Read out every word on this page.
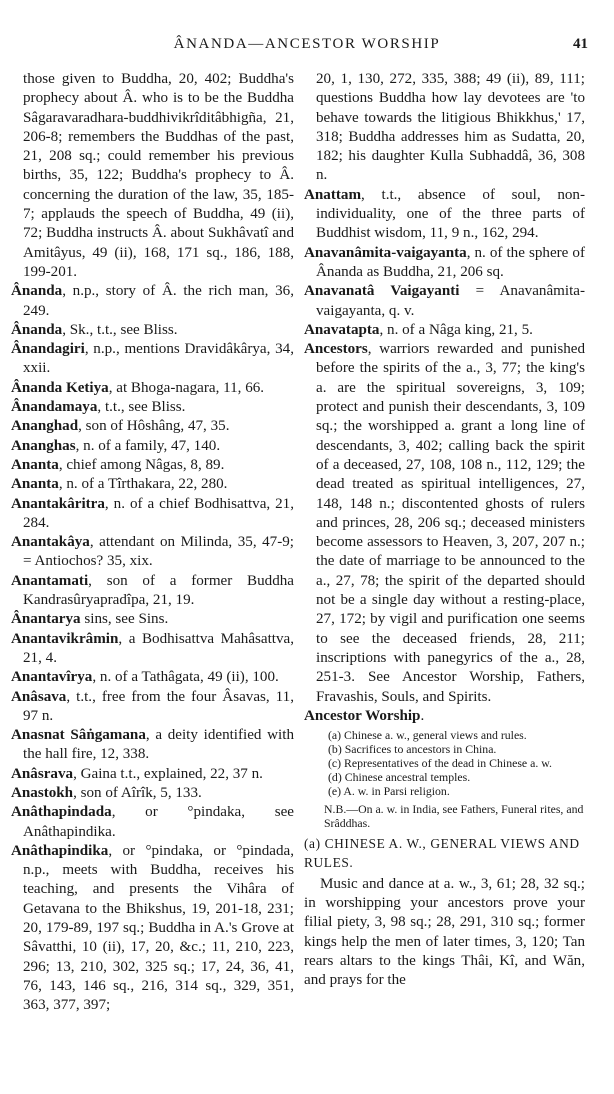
ÂNANDA—ANCESTOR WORSHIP	41

those given to Buddha, 20, 402; Buddha's prophecy about Â. who is to be the Buddha Sâgaravaradhara-buddhivikrîditâbhigña, 21, 206-8; remembers the Buddhas of the past, 21, 208 sq.; could remember his previous births, 35, 122; Buddha's prophecy to Â. concerning the duration of the law, 35, 185-7; applauds the speech of Buddha, 49 (ii), 72; Buddha instructs Â. about Sukhâvatî and Amitâyus, 49 (ii), 168, 171 sq., 186, 188, 199-201.

Ânanda, n.p., story of Â. the rich man, 36, 249.

Ânanda, Sk., t.t., see Bliss.

Ânandagiri, n.p., mentions Dravidâkârya, 34, xxii.

Ânanda Ketiya, at Bhoga-nagara, 11, 66.

Ânandamaya, t.t., see Bliss.

Ananghad, son of Hôshâng, 47, 35.

Ananghas, n. of a family, 47, 140.

Ananta, chief among Nâgas, 8, 89.

Ananta, n. of a Tîrthakara, 22, 280.

Anantakâritra, n. of a chief Bodhisattva, 21, 284.

Anantakâya, attendant on Milinda, 35, 47-9; = Antiochos? 35, xix.

Anantamati, son of a former Buddha Kandrasûryapradîpa, 21, 19.

Ânantarya sins, see Sins.

Anantavikrâmin, a Bodhisattva Mahâsattva, 21, 4.

Anantavîrya, n. of a Tathâgata, 49 (ii), 100.

Anâsava, t.t., free from the four Âsavas, 11, 97 n.

Anasnat Sâṅgamana, a deity identified with the hall fire, 12, 338.

Anâsrava, Gaina t.t., explained, 22, 37 n.

Anastokh, son of Aîrîk, 5, 133.

Anâthapindada, or °pindaka, see Anâthapindika.

Anâthapindika, or °pindaka, or °pindada, n.p., meets with Buddha, receives his teaching, and presents the Vihâra of Getavana to the Bhikshus, 19, 201-18, 231; 20, 179-89, 197 sq.; Buddha in A.'s Grove at Sâvatthi, 10 (ii), 17, 20, &c.; 11, 210, 223, 296; 13, 210, 302, 325 sq.; 17, 24, 36, 41, 76, 143, 146 sq., 216, 314 sq., 329, 351, 363, 377, 397;

20, 1, 130, 272, 335, 388; 49 (ii), 89, 111; questions Buddha how lay devotees are 'to behave towards the litigious Bhikkhus,' 17, 318; Buddha addresses him as Sudatta, 20, 182; his daughter Kulla Subhaddâ, 36, 308 n.

Anattam, t.t., absence of soul, non-individuality, one of the three parts of Buddhist wisdom, 11, 9 n., 162, 294.

Anavanâmita-vaigayanta, n. of the sphere of Ânanda as Buddha, 21, 206 sq.

Anavanatâ Vaigayanti = Anavanâmita-vaigayanta, q. v.

Anavatapta, n. of a Nâga king, 21, 5.

Ancestors, warriors rewarded and punished before the spirits of the a., 3, 77; the king's a. are the spiritual sovereigns, 3, 109; protect and punish their descendants, 3, 109 sq.; the worshipped a. grant a long line of descendants, 3, 402; calling back the spirit of a deceased, 27, 108, 108 n., 112, 129; the dead treated as spiritual intelligences, 27, 148, 148 n.; discontented ghosts of rulers and princes, 28, 206 sq.; deceased ministers become assessors to Heaven, 3, 207, 207 n.; the date of marriage to be announced to the a., 27, 78; the spirit of the departed should not be a single day without a resting-place, 27, 172; by vigil and purification one seems to see the deceased friends, 28, 211; inscriptions with panegyrics of the a., 28, 251-3. See Ancestor Worship, Fathers, Fravashis, Souls, and Spirits.

Ancestor Worship.

(a) Chinese a. w., general views and rules.
(b) Sacrifices to ancestors in China.
(c) Representatives of the dead in Chinese a. w.
(d) Chinese ancestral temples.
(e) A. w. in Parsi religion.

N.B.—On a. w. in India, see Fathers, Funeral rites, and Srâddhas.

(a) CHINESE A. W., GENERAL VIEWS AND RULES.

Music and dance at a. w., 3, 61; 28, 32 sq.; in worshipping your ancestors prove your filial piety, 3, 98 sq.; 28, 291, 310 sq.; former kings help the men of later times, 3, 120; Tan rears altars to the kings Thâi, Kî, and Wăn, and prays for the
